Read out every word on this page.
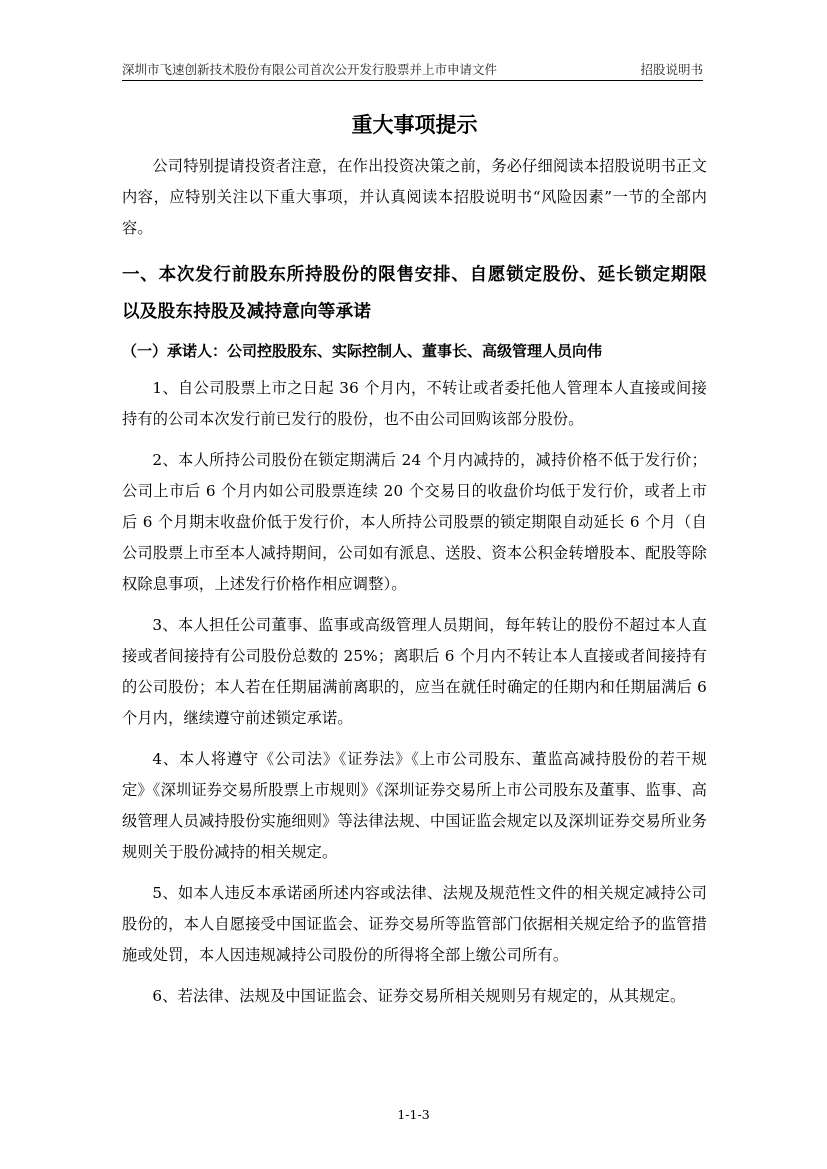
深圳市飞速创新技术股份有限公司首次公开发行股票并上市申请文件	招股说明书
重大事项提示

公司特别提请投资者注意，在作出投资决策之前，务必仔细阅读本招股说明书正文内容，应特别关注以下重大事项，并认真阅读本招股说明书“风险因素”一节的全部内容。

一、本次发行前股东所持股份的限售安排、自愿锁定股份、延长锁定期限以及股东持股及减持意向等承诺
（一）承诺人：公司控股股东、实际控制人、董事长、高级管理人员向伟

1、自公司股票上市之日起 36 个月内，不转让或者委托他人管理本人直接或间接持有的公司本次发行前已发行的股份，也不由公司回购该部分股份。

2、本人所持公司股份在锁定期满后 24 个月内减持的，减持价格不低于发行价；公司上市后 6 个月内如公司股票连续 20 个交易日的收盘价均低于发行价，或者上市后 6 个月期末收盘价低于发行价，本人所持公司股票的锁定期限自动延长 6 个月（自公司股票上市至本人减持期间，公司如有派息、送股、资本公积金转增股本、配股等除权除息事项，上述发行价格作相应调整）。

3、本人担任公司董事、监事或高级管理人员期间，每年转让的股份不超过本人直接或者间接持有公司股份总数的 25%；离职后 6 个月内不转让本人直接或者间接持有的公司股份；本人若在任期届满前离职的，应当在就任时确定的任期内和任期届满后 6 个月内，继续遵守前述锁定承诺。

4、本人将遵守《公司法》《证券法》《上市公司股东、董监高减持股份的若干规定》《深圳证券交易所股票上市规则》《深圳证券交易所上市公司股东及董事、监事、高级管理人员减持股份实施细则》等法律法规、中国证监会规定以及深圳证券交易所业务规则关于股份减持的相关规定。

5、如本人违反本承诺函所述内容或法律、法规及规范性文件的相关规定减持公司股份的，本人自愿接受中国证监会、证券交易所等监管部门依据相关规定给予的监管措施或处罚，本人因违规减持公司股份的所得将全部上缴公司所有。

6、若法律、法规及中国证监会、证券交易所相关规则另有规定的，从其规定。

1-1-3
